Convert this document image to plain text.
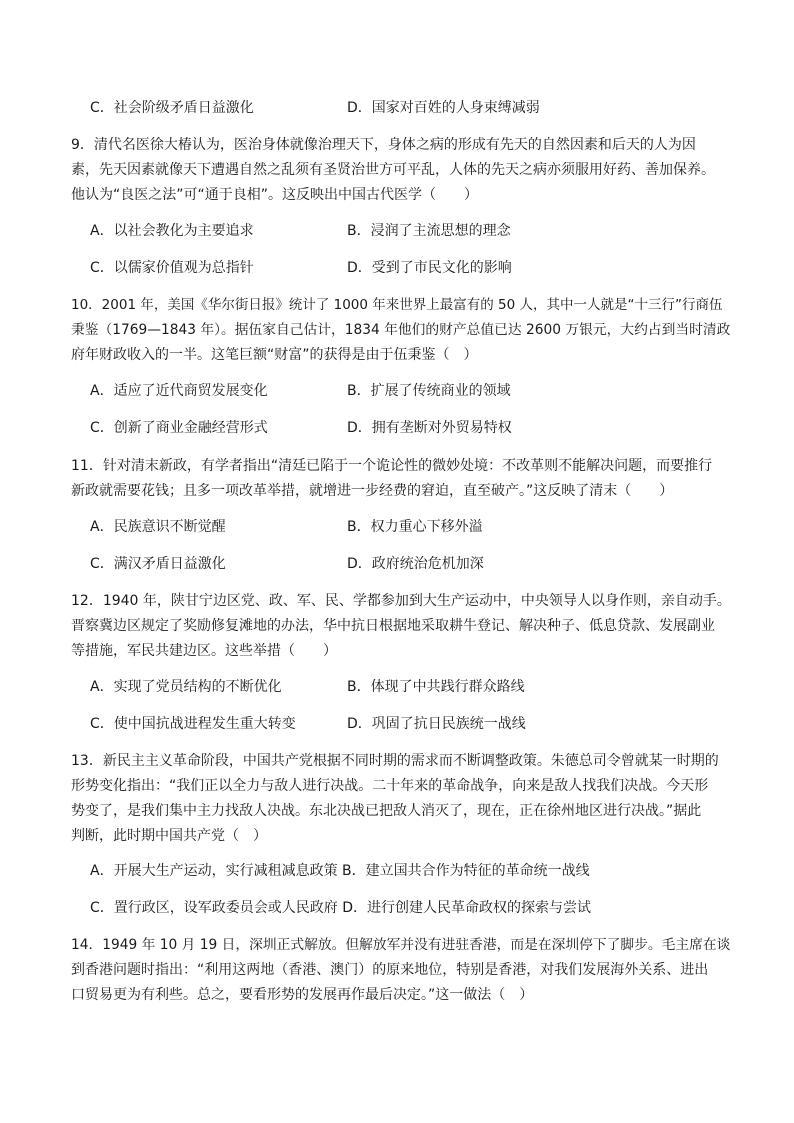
C．社会阶级矛盾日益激化	D．国家对百姓的人身束缚减弱
9．清代名医徐大椿认为，医治身体就像治理天下，身体之病的形成有先天的自然因素和后天的人为因
素，先天因素就像天下遭遇自然之乱须有圣贤治世方可平乱，人体的先天之病亦须服用好药、善加保养。
他认为“良医之法”可“通于良相”。这反映出中国古代医学（　　）
A．以社会教化为主要追求	B．浸润了主流思想的理念
C．以儒家价值观为总指针	D．受到了市民文化的影响
10．2001 年，美国《华尔街日报》统计了 1000 年来世界上最富有的 50 人，其中一人就是“十三行”行商伍
秉鉴（1769—1843 年）。据伍家自己估计，1834 年他们的财产总值已达 2600 万银元，大约占到当时清政
府年财政收入的一半。这笔巨额“财富”的获得是由于伍秉鉴（　）
A．适应了近代商贸发展变化	B．扩展了传统商业的领域
C．创新了商业金融经营形式	D．拥有垄断对外贸易特权
11．针对清末新政，有学者指出“清廷已陷于一个诡论性的微妙处境：不改革则不能解决问题，而要推行
新政就需要花钱；且多一项改革举措，就增进一步经费的窘迫，直至破产。”这反映了清末（　　）
A．民族意识不断觉醒	B．权力重心下移外溢
C．满汉矛盾日益激化	D．政府统治危机加深
12．1940 年，陕甘宁边区党、政、军、民、学都参加到大生产运动中，中央领导人以身作则，亲自动手。
晋察冀边区规定了奖励修复滩地的办法，华中抗日根据地采取耕牛登记、解决种子、低息贷款、发展副业
等措施，军民共建边区。这些举措（　　）
A．实现了党员结构的不断优化	B．体现了中共践行群众路线
C．使中国抗战进程发生重大转变	D．巩固了抗日民族统一战线
13．新民主主义革命阶段，中国共产党根据不同时期的需求而不断调整政策。朱德总司令曾就某一时期的
形势变化指出：“我们正以全力与敌人进行决战。二十年来的革命战争，向来是敌人找我们决战。今天形
势变了，是我们集中主力找敌人决战。东北决战已把敌人消灭了，现在，正在徐州地区进行决战。”据此
判断，此时期中国共产党（　）
A．开展大生产运动，实行减租减息政策 B．建立国共合作为特征的革命统一战线
C．置行政区，设军政委员会或人民政府 D．进行创建人民革命政权的探索与尝试
14．1949 年 10 月 19 日，深圳正式解放。但解放军并没有进驻香港，而是在深圳停下了脚步。毛主席在谈
到香港问题时指出：“利用这两地（香港、澳门）的原来地位，特别是香港，对我们发展海外关系、进出
口贸易更为有利些。总之，要看形势的发展再作最后决定。”这一做法（　）
